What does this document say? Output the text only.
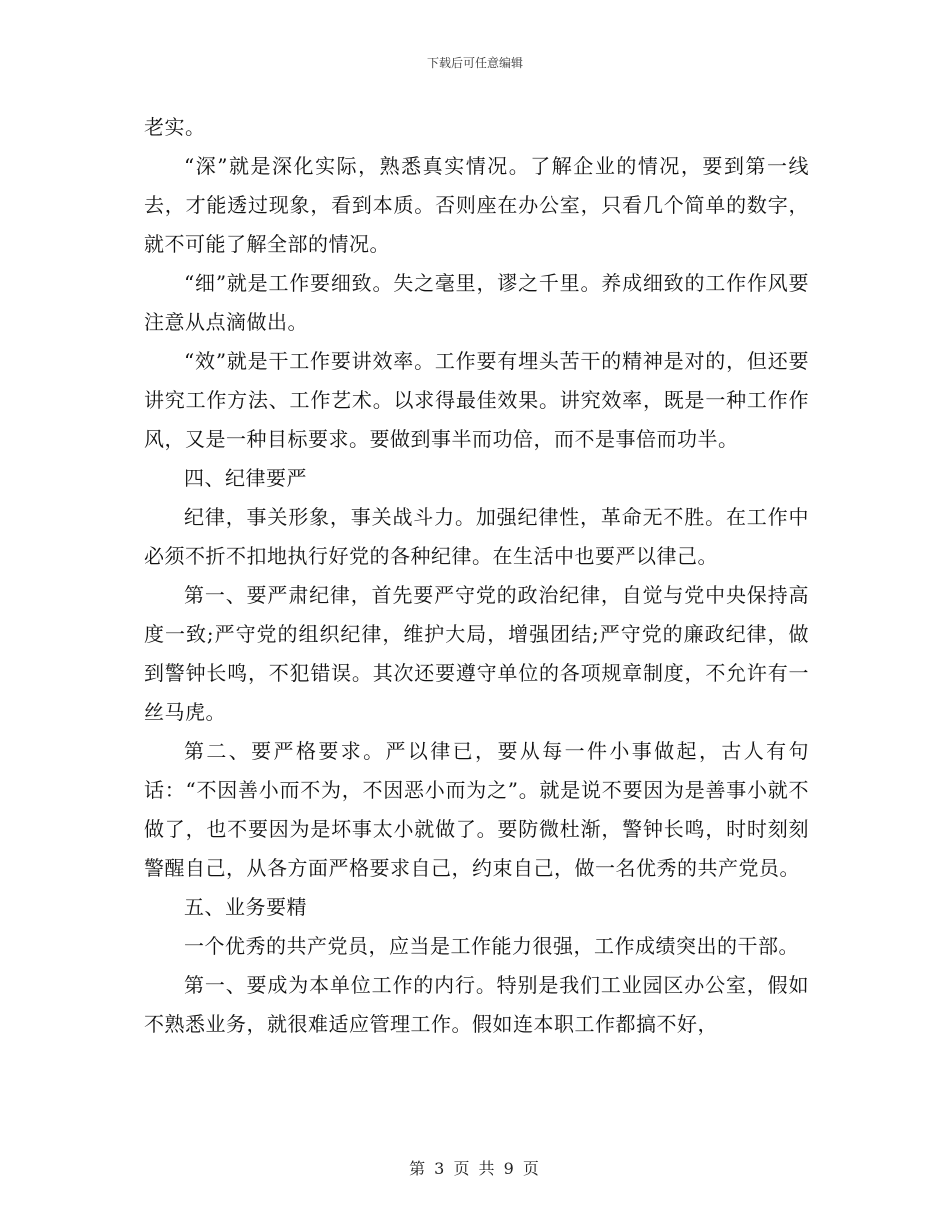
下载后可任意编辑

老实。

“深”就是深化实际，熟悉真实情况。了解企业的情况，要到第一线去，才能透过现象，看到本质。否则座在办公室，只看几个简单的数字，就不可能了解全部的情况。

“细”就是工作要细致。失之毫里，谬之千里。养成细致的工作作风要注意从点滴做出。

“效”就是干工作要讲效率。工作要有埋头苦干的精神是对的，但还要讲究工作方法、工作艺术。以求得最佳效果。讲究效率，既是一种工作作风，又是一种目标要求。要做到事半而功倍，而不是事倍而功半。

四、纪律要严

纪律，事关形象，事关战斗力。加强纪律性，革命无不胜。在工作中必须不折不扣地执行好党的各种纪律。在生活中也要严以律己。

第一、要严肃纪律，首先要严守党的政治纪律，自觉与党中央保持高度一致;严守党的组织纪律，维护大局，增强团结;严守党的廉政纪律，做到警钟长鸣，不犯错误。其次还要遵守单位的各项规章制度，不允许有一丝马虎。

第二、要严格要求。严以律已，要从每一件小事做起，古人有句话：“不因善小而不为，不因恶小而为之”。就是说不要因为是善事小就不做了，也不要因为是坏事太小就做了。要防微杜渐，警钟长鸣，时时刻刻警醒自己，从各方面严格要求自己，约束自己，做一名优秀的共产党员。

五、业务要精

一个优秀的共产党员，应当是工作能力很强，工作成绩突出的干部。

第一、要成为本单位工作的内行。特别是我们工业园区办公室，假如不熟悉业务，就很难适应管理工作。假如连本职工作都搞不好，

第 3 页 共 9 页
